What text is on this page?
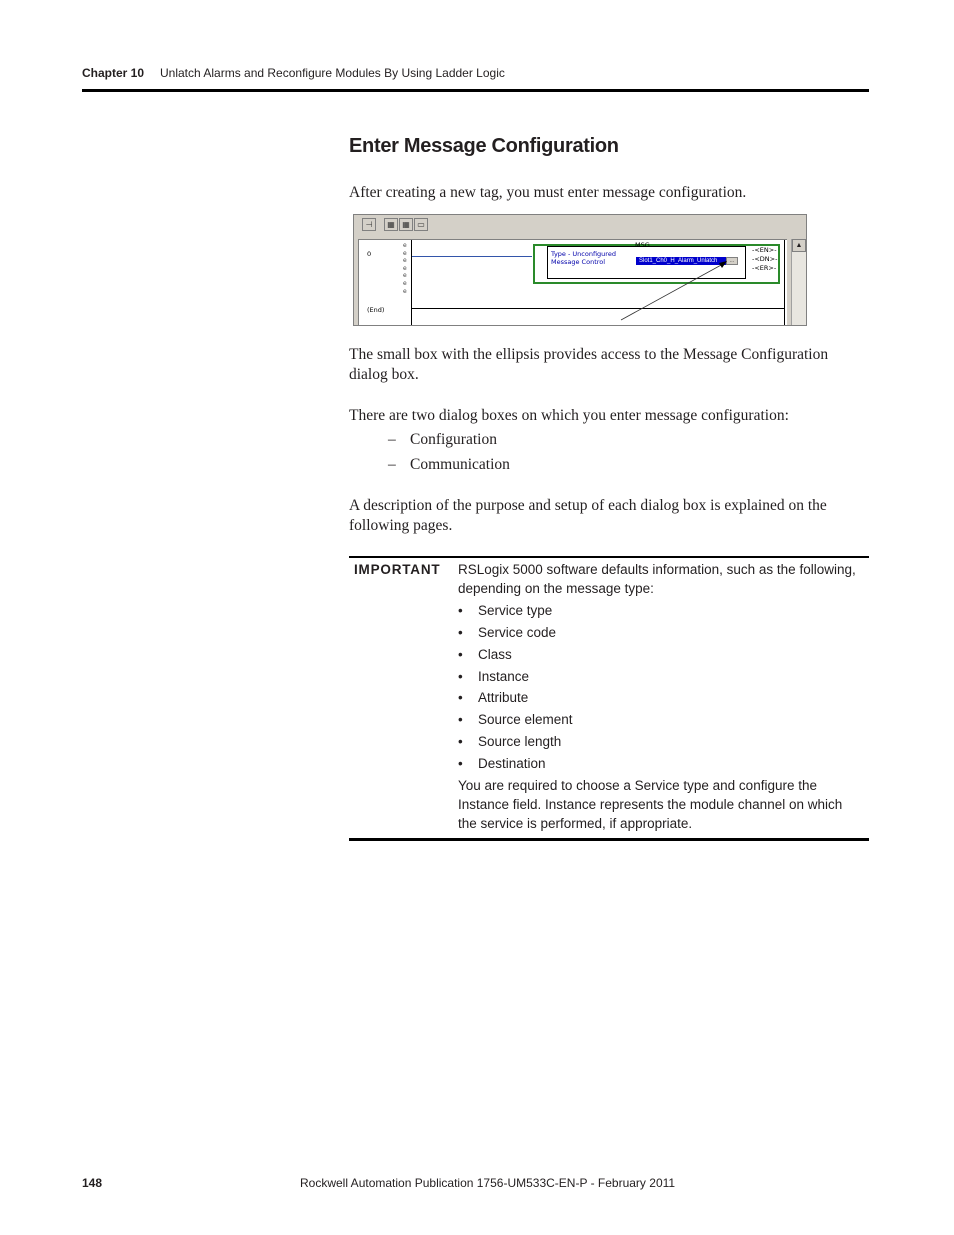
Chapter 10 Unlatch Alarms and Reconfigure Modules By Using Ladder Logic
Enter Message Configuration
After creating a new tag, you must enter message configuration.
⊣	▦ ▦ ▭
0
(End)
e
e
e
e
e
e
e
MSG
Type - Unconfigured
Message Control	Slot1_Ch0_H_Alarm_Unlatch	...
-<EN>-
-<DN>-
-<ER>-
▲
The small box with the ellipsis provides access to the Message Configuration dialog box.
There are two dialog boxes on which you enter message configuration:
– Configuration
– Communication
A description of the purpose and setup of each dialog box is explained on the following pages.
IMPORTANT RSLogix 5000 software defaults information, such as the following, depending on the message type:
• Service type
• Service code
• Class
• Instance
• Attribute
• Source element
• Source length
• Destination
You are required to choose a Service type and configure the Instance field. Instance represents the module channel on which the service is performed, if appropriate.
148	Rockwell Automation Publication 1756-UM533C-EN-P - February 2011
